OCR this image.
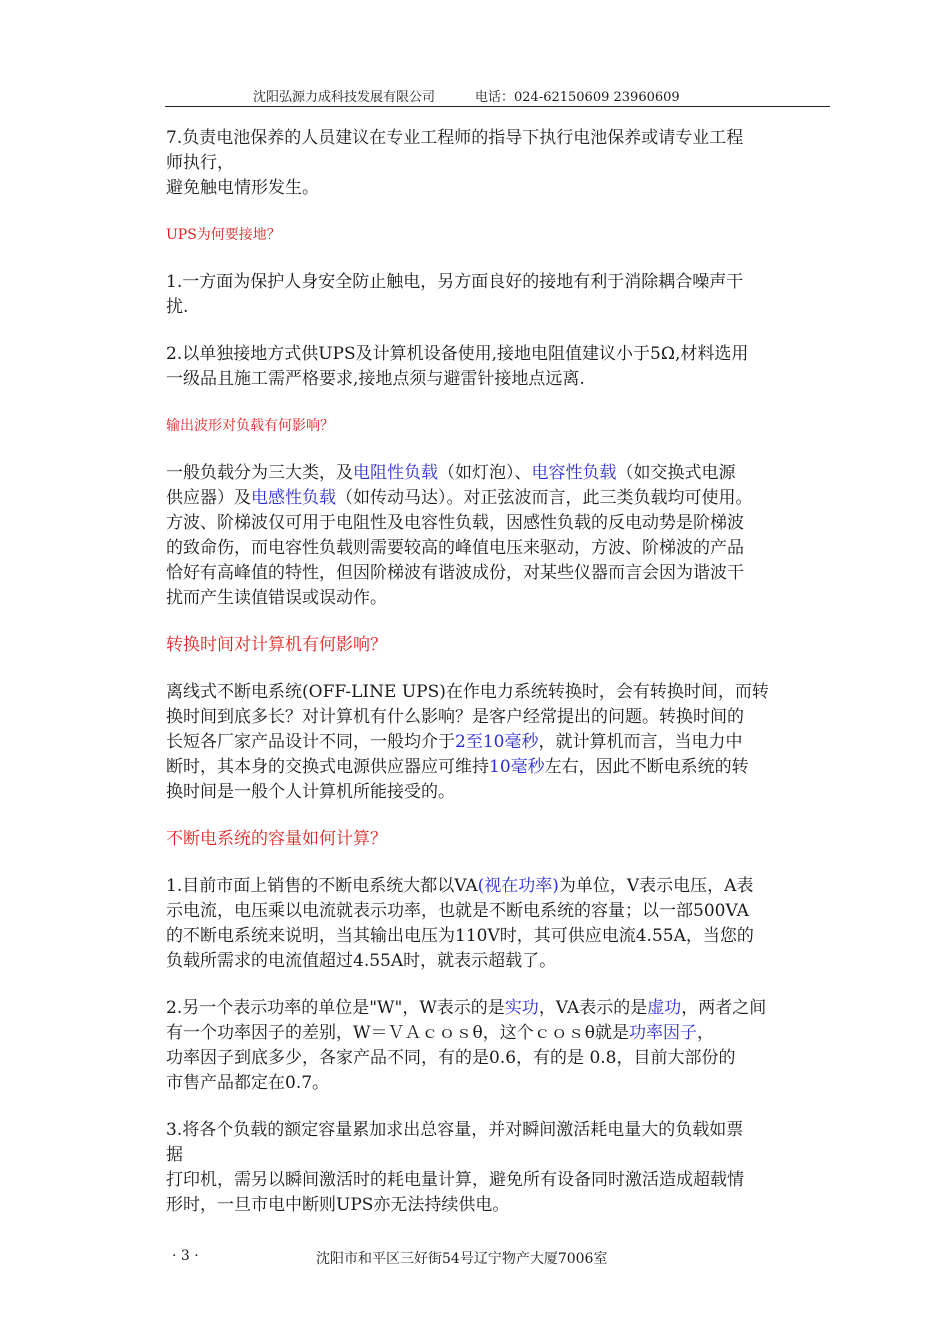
沈阳弘源力成科技发展有限公司	电话：024-62150609 23960609

7.负责电池保养的人员建议在专业工程师的指导下执行电池保养或请专业工程

师执行，

避免触电情形发生。

UPS为何要接地？

1.一方面为保护人身安全防止触电，另方面良好的接地有利于消除耦合噪声干

扰.

2.以单独接地方式供UPS及计算机设备使用,接地电阻值建议小于5Ω,材料选用

一级品且施工需严格要求,接地点须与避雷针接地点远离.

输出波形对负载有何影响？

一般负载分为三大类，及电阻性负载（如灯泡）、电容性负载（如交换式电源

供应器）及电感性负载（如传动马达）。对正弦波而言，此三类负载均可使用。

方波、阶梯波仅可用于电阻性及电容性负载，因感性负载的反电动势是阶梯波

的致命伤，而电容性负载则需要较高的峰值电压来驱动，方波、阶梯波的产品

恰好有高峰值的特性，但因阶梯波有谐波成份，对某些仪器而言会因为谐波干

扰而产生读值错误或误动作。

转换时间对计算机有何影响？

离线式不断电系统(OFF-LINE UPS)在作电力系统转换时，会有转换时间，而转

换时间到底多长？对计算机有什么影响？是客户经常提出的问题。转换时间的

长短各厂家产品设计不同，一般均介于2至10毫秒，就计算机而言，当电力中

断时，其本身的交换式电源供应器应可维持10毫秒左右，因此不断电系统的转

换时间是一般个人计算机所能接受的。

不断电系统的容量如何计算？

1.目前市面上销售的不断电系统大都以VA(视在功率)为单位，V表示电压，A表

示电流，电压乘以电流就表示功率，也就是不断电系统的容量；以一部500VA

的不断电系统来说明，当其输出电压为110V时，其可供应电流4.55A，当您的

负载所需求的电流值超过4.55A时，就表示超载了。

2.另一个表示功率的单位是"W"，W表示的是实功，VA表示的是虚功，两者之间

有一个功率因子的差别，W＝ＶＡｃｏｓθ，这个ｃｏｓθ就是功率因子，

功率因子到底多少，各家产品不同，有的是0.6，有的是 0.8，目前大部份的

市售产品都定在0.7。

3.将各个负载的额定容量累加求出总容量，并对瞬间激活耗电量大的负载如票

据

打印机，需另以瞬间激活时的耗电量计算，避免所有设备同时激活造成超载情

形时，一旦市电中断则UPS亦无法持续供电。

· 3 ·	沈阳市和平区三好街54号辽宁物产大厦7006室
